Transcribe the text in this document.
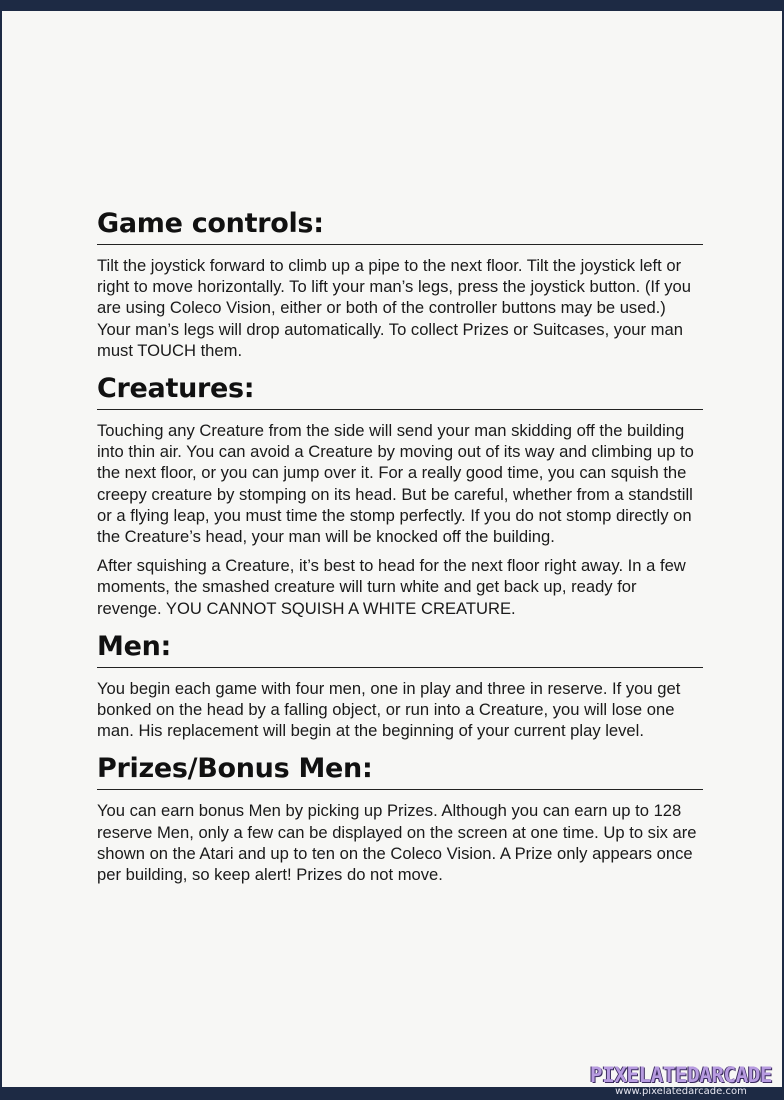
Game controls:

Tilt the joystick forward to climb up a pipe to the next floor. Tilt the joystick left or right to move horizontally. To lift your man’s legs, press the joystick button. (If you are using Coleco Vision, either or both of the controller buttons may be used.) Your man’s legs will drop automatically. To collect Prizes or Suitcases, your man must TOUCH them.

Creatures:

Touching any Creature from the side will send your man skidding off the building into thin air. You can avoid a Creature by moving out of its way and climbing up to the next floor, or you can jump over it. For a really good time, you can squish the creepy creature by stomping on its head. But be careful, whether from a standstill or a flying leap, you must time the stomp perfectly. If you do not stomp directly on the Creature’s head, your man will be knocked off the building.

After squishing a Creature, it’s best to head for the next floor right away. In a few moments, the smashed creature will turn white and get back up, ready for revenge. YOU CANNOT SQUISH A WHITE CREATURE.

Men:

You begin each game with four men, one in play and three in reserve. If you get bonked on the head by a falling object, or run into a Creature, you will lose one man. His replacement will begin at the beginning of your current play level.

Prizes/Bonus Men:

You can earn bonus Men by picking up Prizes. Although you can earn up to 128 reserve Men, only a few can be displayed on the screen at one time. Up to six are shown on the Atari and up to ten on the Coleco Vision. A Prize only appears once per building, so keep alert! Prizes do not move.

PIXELATEDARCADE
www.pixelatedarcade.com
